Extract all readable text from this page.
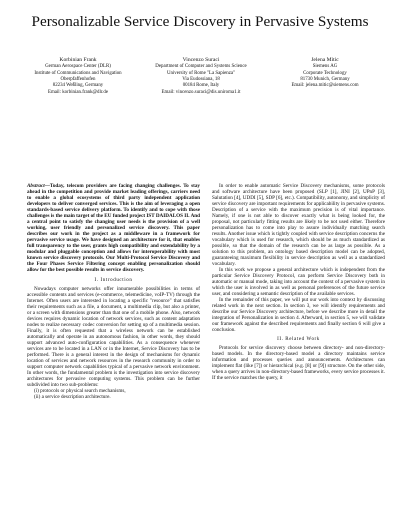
Personalizable Service Discovery in Pervasive Systems
Korbinian Frank
German Aerospace Center (DLR)
Institute of Communications and Navigation
Oberpfaffenhofen
82234 Weßling, Germany
Email: korbinian.frank@dlr.de
Vincenzo Suraci
Department of Computer and Systems Science
University of Rome "La Sapienza"
Via Eudossiana, 18
00184 Rome, Italy
Email: vincenzo.suraci@dis.uniroma1.it
Jelena Mitic
Siemens AG
Corporate Technology
81730 Munich, Germany
Email: jelena.mitic@siemens.com

Abstract—Today, telecom providers are facing changing challenges. To stay ahead in the competition and provide market leading offerings, carriers need to enable a global ecosystems of third party independent application developers to deliver converged services. This is the aim of leveraging a open standards-based service delivery platform. To identify and to cope with those challenges is the main target of the EU funded project IST DAIDALOS II. And a central point to satisfy the changing user needs is the provision of a well working, user friendly and personalized service discovery. This paper describes our work in the project as a middleware in a framework for pervasive service usage. We have designed an architecture for it, that enables full transparency to the user, grants high compatibility and extendability by a modular and pluggable conception and allows for interoperability with most known service discovery protocols. Our Multi-Protocol Service Discovery and the Four Phases Service Filtering concept enabling personalization should allow for the best possible results in service discovery.

I. Introduction

Nowadays computer networks offer innumerable possibilities in terms of accessible contents and services (e-commerce, telemedicine, voIP-TV) through the Internet. Often users are interested in locating a specific "resource" that satisfies their requirements such as a file, a document, a multimedia clip, but also a printer, or a screen with dimensions greater than that one of a mobile phone. Also, network devices requires dynamic location of network services, such as content adaptation nodes to realize necessary codec conversion for setting up of a multimedia session. Finally, it is often requested that a wireless network can be established automatically and operate in an autonomous fashion, in other words, they should support advanced auto-configuration capabilities. As a consequence whenever services are to be located in a LAN or in the Internet, Service Discovery has to be performed. There is a general interest in the design of mechanisms for dynamic location of services and network resources in the research community in order to support computer network capabilities typical of a pervasive network environment. In other words, the fundamental problem is the investigation into service discovery architectures for pervasive computing systems. This problem can be further subdivided into two sub-problems:

(i) protocols or physical search mechanisms,
(ii) a service description architecture.

In order to enable automatic Service Discovery mechanisms, some protocols and software architecture have been proposed (SLP [1], JINI [2], UPnP [3], Salutation [4], UDDI [5], SDP [6], etc.). Compatibility, autonomy, and simplicity of service discovery are important requirements for applicability in pervasive systems. Description of a service with the maximum precision is of vital importance. Namely, if one is not able to discover exactly what is being looked for, the proposal, not particularly fitting results are likely to be not used either. Therefore personalization has to come into play to assure individually matching search results. Another issue which is tightly coupled with service description concerns the vocabulary which is used for research, which should be as much standardized as possible, so that the domain of the research can be as large as possible. As a solution to this problem, an ontology based description model can be adopted, guaranteeing maximum flexibility in service description as well as a standardized vocabulary.

In this work we propose a general architecture which is independent from the particular Service Discovery Protocol, can perform Service Discovery both in automatic or manual mode, taking into account the context of a pervasive system in which the user is involved in as well as personal preferences of the future service user, and considering a semantic description of the available services.

In the remainder of this paper, we will put our work into context by discussing related work in the next section. In section 3, we will identify requirements and describe our Service Discovery architecture, before we describe more in detail the integration of Personalization in section 4. Afterward, in section 5, we will validate our framework against the described requirements and finally section 6 will give a conclusion.

II. Related Work

Protocols for service discovery choose between directory- and non-directory-based models. In the directory-based model a directory maintains service information and processes queries and announcements. Architectures can implement flat (like [7]) or hierarchical (e.g. [8] or [9]) structure. On the other side, when a query arrives in non-directory-based frameworks, every service processes it. If the service matches the query, it
